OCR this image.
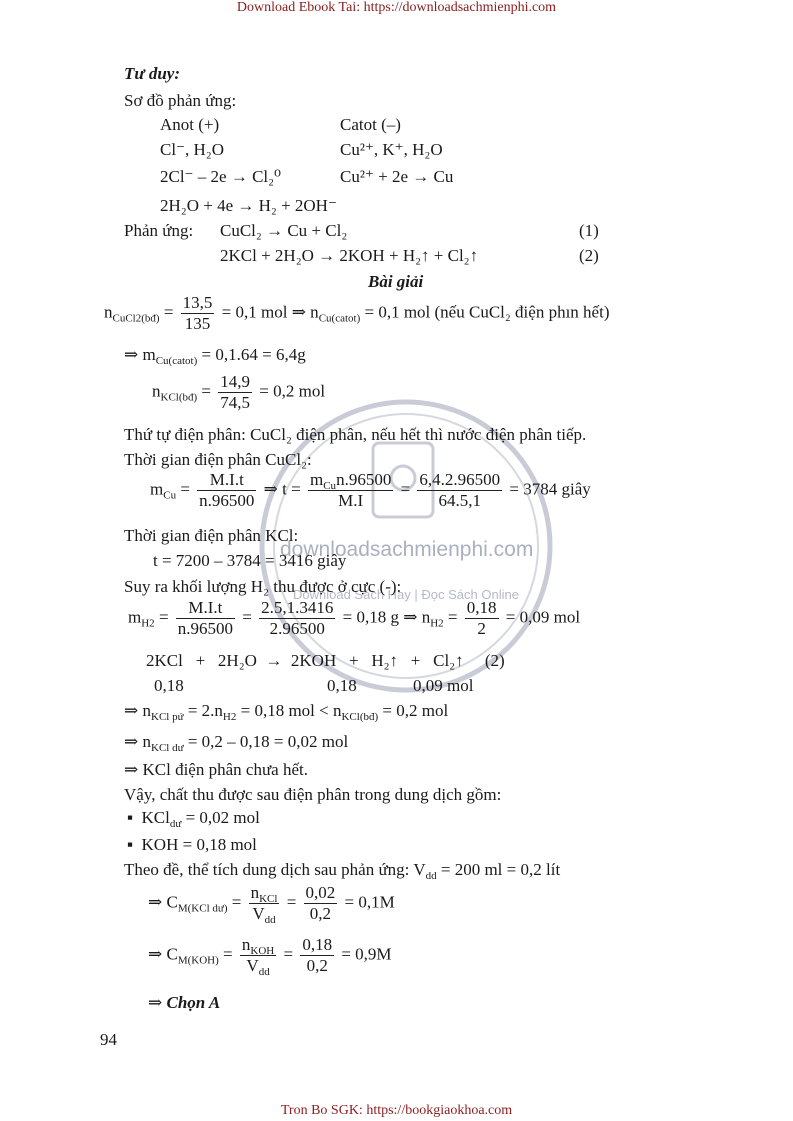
Download Ebook Tai: https://downloadsachmienphi.com
Tron Bo SGK: https://bookgiaokhoa.com
downloadsachmienphi.com
Download Sách Hay | Đọc Sách Online
Tư duy:
Sơ đồ phản ứng:
Anot (+)	Catot (–)
Cl⁻, H₂O	Cu²⁺, K⁺, H₂O
2Cl⁻ – 2e → Cl₂⁰	Cu²⁺ + 2e → Cu
2H₂O + 4e → H₂ + 2OH⁻
Phản ứng: CuCl₂ → Cu + Cl₂	(1)
2KCl + 2H₂O → 2KOH + H₂↑ + Cl₂↑	(2)
Bài giải
$n_{CuCl2(bđ)} = \frac{13,5}{135} = 0,1$ mol ⇒ $n_{Cu(catot)} = 0,1$ mol (nếu CuCl₂ điện phın hết)
⇒ $m_{Cu(catot)} = 0,1.64 = 6,4g$
$n_{KCl(bđ)} = \frac{14,9}{74,5} = 0,2$ mol
Thứ tự điện phân: CuCl₂ điện phân, nếu hết thì nước điện phân tiếp.
Thời gian điện phân CuCl₂:
$m_{Cu} = \frac{M.I.t}{n.96500}$ ⇒ $t = \frac{m_{Cu}n.96500}{M.I} = \frac{6,4.2.96500}{64.5,1} = 3784$ giây
Thời gian điện phân KCl:
t = 7200 – 3784 = 3416 giây
Suy ra khối lượng H₂ thu được ở cực (-):
$m_{H2} = \frac{M.I.t}{n.96500} = \frac{2.5,1.3416}{2.96500} = 0,18$ g ⇒ $n_{H2} = \frac{0,18}{2} = 0,09$ mol
2KCl   +   2H₂O  →  2KOH   +   H₂↑   +   Cl₂↑     (2)
0,18	0,18	0,09 mol
⇒ $n_{KCl pứ} = 2.n_{H2} = 0,18$ mol < $n_{KCl(bđ)} = 0,2$ mol
⇒ $n_{KCl dư} = 0,2 - 0,18 = 0,02$ mol
⇒ KCl điện phân chưa hết.
Vậy, chất thu được sau điện phân trong dung dịch gồm:
▪  KCl$_{dư}$ = 0,02 mol
▪  KOH = 0,18 mol
Theo đề, thể tích dung dịch sau phản ứng: $V_{dd} = 200$ ml = 0,2 lít
⇒ $C_{M(KCl dư)} = \frac{n_{KCl}}{V_{dd}} = \frac{0,02}{0,2} = 0,1M$
⇒ $C_{M(KOH)} = \frac{n_{KOH}}{V_{dd}} = \frac{0,18}{0,2} = 0,9M$
⇒ Chọn A
94
